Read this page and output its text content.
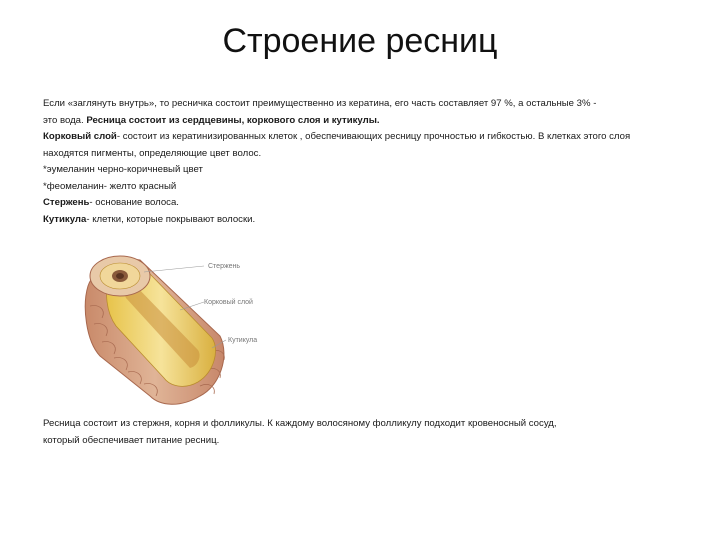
Строение ресниц

Если «заглянуть внутрь», то ресничка состоит преимущественно из кератина, его часть составляет 97 %, а остальные 3% -

это вода. Ресница состоит из сердцевины, коркового слоя и кутикулы.

Корковый слой- состоит из кератинизированных клеток , обеспечивающих ресницу прочностью и гибкостью. В клетках этого слоя находятся пигменты, определяющие цвет волос.

*эумеланин черно-коричневый цвет

*феомеланин- желто красный

Стержень- основание волоса.

Кутикула- клетки, которые покрывают волоски.

Стержень
Корковый слой
Кутикула

Ресница состоит из стержня, корня и фолликулы. К каждому волосяному фолликулу подходит кровеносный сосуд,

который обеспечивает питание ресниц.
